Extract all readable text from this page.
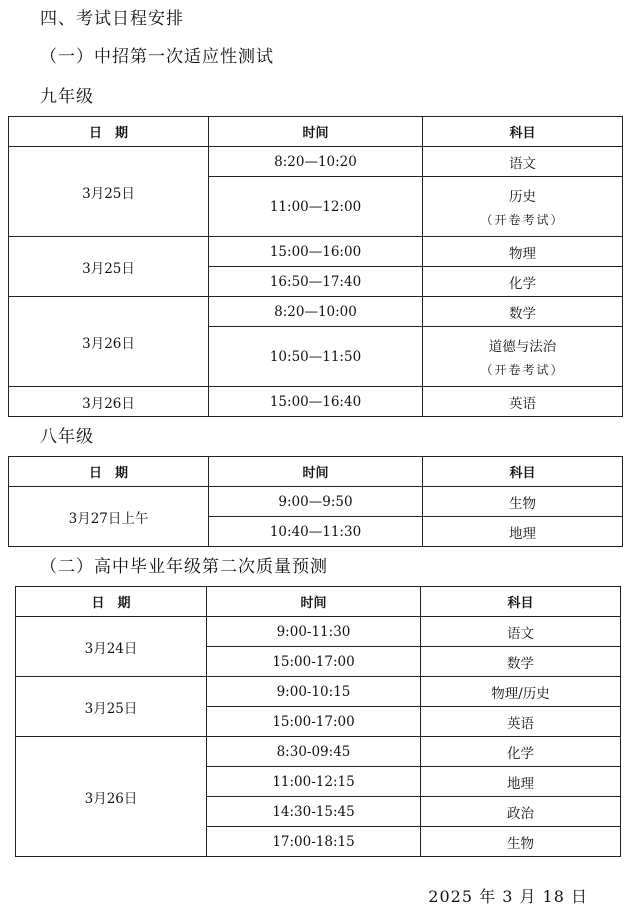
四、考试日程安排
（一）中招第一次适应性测试
九年级
日　期	时间	科目
3月25日	8:20—10:20	语文
	11:00—12:00	历史
（开卷考试）

3月25日	15:00—16:00	物理
	16:50—17:40	化学
3月26日	8:20—10:00	数学
	10:50—11:50	道德与法治
（开卷考试）

3月26日	15:00—16:40	英语
八年级
日　期	时间	科目
3月27日上午	9:00—9:50	生物
	10:40—11:30	地理
（二）高中毕业年级第二次质量预测
日　期	时间	科目
3月24日	9:00-11:30	语文
	15:00-17:00	数学
3月25日	9:00-10:15	物理/历史
	15:00-17:00	英语
3月26日	8:30-09:45	化学
	11:00-12:15	地理
	14:30-15:45	政治
	17:00-18:15	生物
2025 年 3 月 18 日
